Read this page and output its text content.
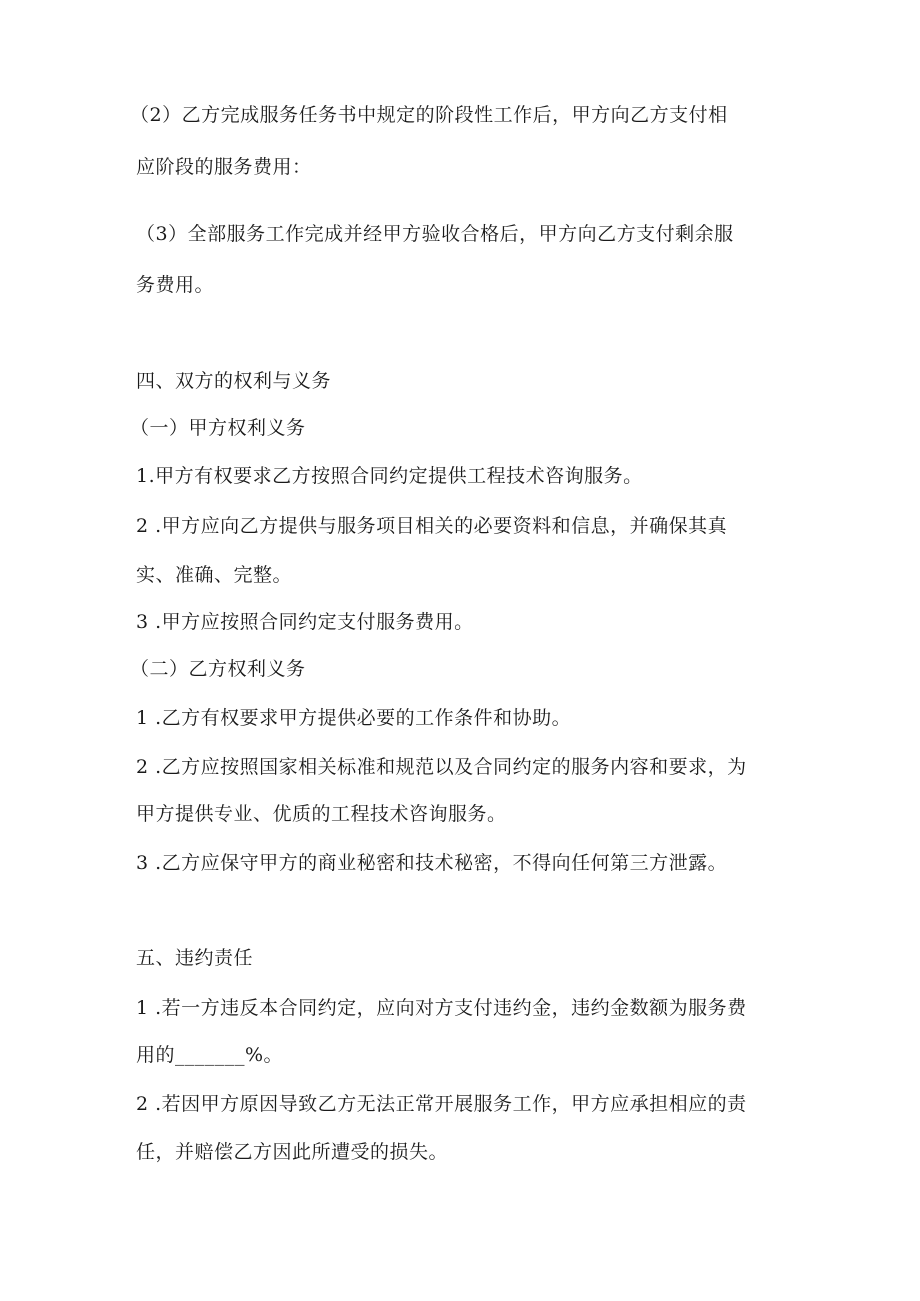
（2）乙方完成服务任务书中规定的阶段性工作后，甲方向乙方支付相
应阶段的服务费用：
（3）全部服务工作完成并经甲方验收合格后，甲方向乙方支付剩余服
务费用。
四、双方的权利与义务
（一）甲方权利义务
1.甲方有权要求乙方按照合同约定提供工程技术咨询服务。
2 .甲方应向乙方提供与服务项目相关的必要资料和信息，并确保其真
实、准确、完整。
3 .甲方应按照合同约定支付服务费用。
（二）乙方权利义务
1 .乙方有权要求甲方提供必要的工作条件和协助。
2 .乙方应按照国家相关标准和规范以及合同约定的服务内容和要求，为
甲方提供专业、优质的工程技术咨询服务。
3 .乙方应保守甲方的商业秘密和技术秘密，不得向任何第三方泄露。
五、违约责任
1 .若一方违反本合同约定，应向对方支付违约金，违约金数额为服务费
用的_______%。
2 .若因甲方原因导致乙方无法正常开展服务工作，甲方应承担相应的责
任，并赔偿乙方因此所遭受的损失。
